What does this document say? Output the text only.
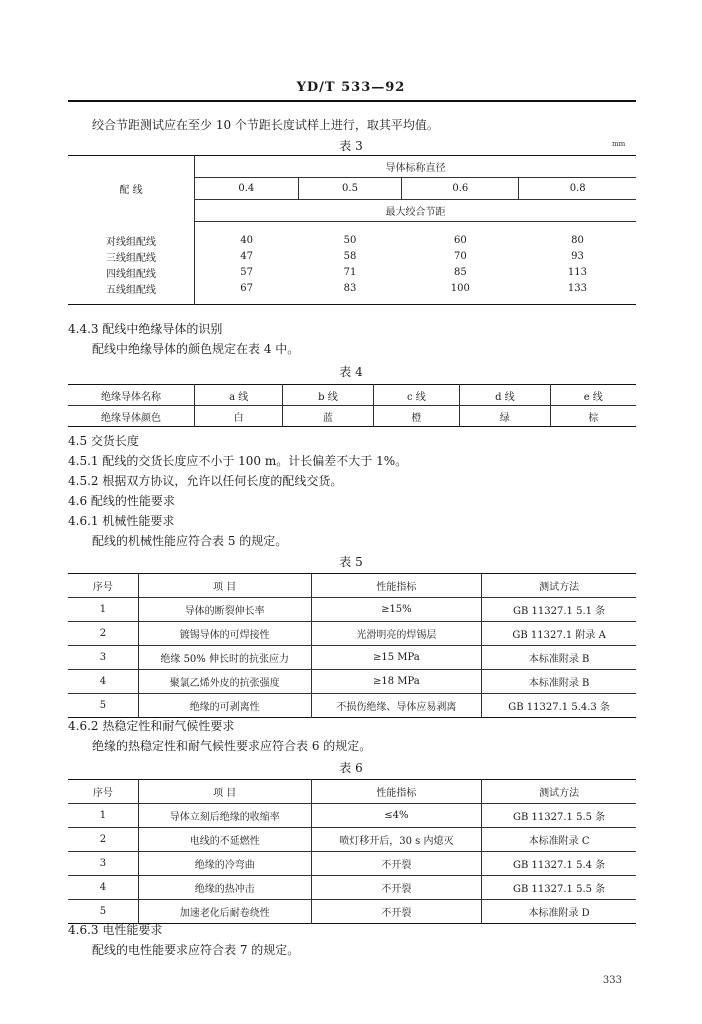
YD/T 533—92
绞合节距测试应在至少 10 个节距长度试样上进行，取其平均值。
表 3	mm
配 线	导体标称直径			
	0.4	0.5	0.6	0.8
	最大绞合节距			

对线组配线	40	50	60	80
三线组配线	47	58	70	93
四线组配线	57	71	85	113
五线组配线	67	83	100	133

4.4.3 配线中绝缘导体的识别
配线中绝缘导体的颜色规定在表 4 中。
表 4
绝缘导体名称	a 线	b 线	c 线	d 线	e 线
绝缘导体颜色	白	蓝	橙	绿	棕
4.5 交货长度
4.5.1 配线的交货长度应不小于 100 m。计长偏差不大于 1%。
4.5.2 根据双方协议，允许以任何长度的配线交货。
4.6 配线的性能要求
4.6.1 机械性能要求
配线的机械性能应符合表 5 的规定。
表 5
序号	项 目	性能指标	测试方法
1	导体的断裂伸长率	≥15%	GB 11327.1 5.1 条
2	镀锡导体的可焊接性	光滑明亮的焊锡层	GB 11327.1 附录 A
3	绝缘 50% 伸长时的抗张应力	≥15 MPa	本标准附录 B
4	聚氯乙烯外皮的抗张强度	≥18 MPa	本标准附录 B
5	绝缘的可剥离性	不损伤绝缘、导体应易剥离	GB 11327.1 5.4.3 条
4.6.2 热稳定性和耐气候性要求
绝缘的热稳定性和耐气候性要求应符合表 6 的规定。
表 6
序号	项 目	性能指标	测试方法
1	导体立刻后绝缘的收缩率	≤4%	GB 11327.1 5.5 条
2	电线的不延燃性	喷灯移开后，30 s 内熄灭	本标准附录 C
3	绝缘的冷弯曲	不开裂	GB 11327.1 5.4 条
4	绝缘的热冲击	不开裂	GB 11327.1 5.5 条
5	加速老化后耐卷绕性	不开裂	本标准附录 D
4.6.3 电性能要求
配线的电性能要求应符合表 7 的规定。
333
